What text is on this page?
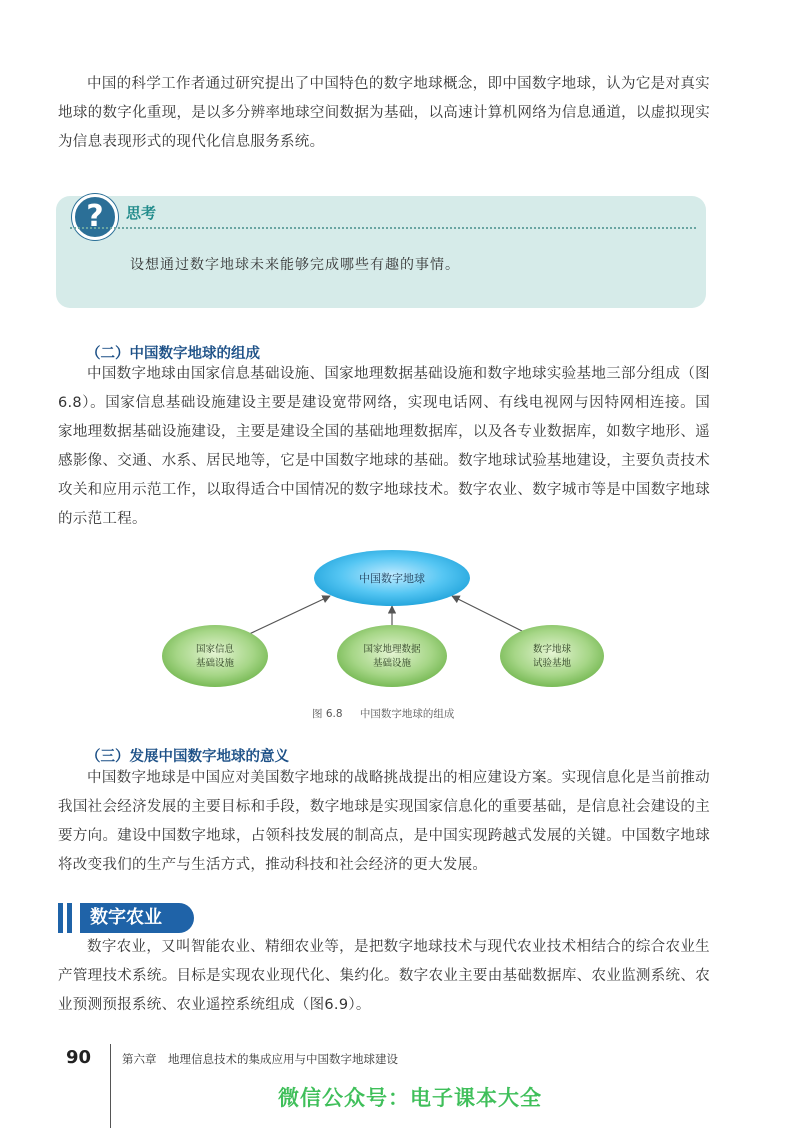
中国的科学工作者通过研究提出了中国特色的数字地球概念，即中国数字地球，认为它是对真实地球的数字化重现，是以多分辨率地球空间数据为基础，以高速计算机网络为信息通道，以虚拟现实为信息表现形式的现代化信息服务系统。
?	思考
设想通过数字地球未来能够完成哪些有趣的事情。
（二）中国数字地球的组成
中国数字地球由国家信息基础设施、国家地理数据基础设施和数字地球实验基地三部分组成（图6.8）。国家信息基础设施建设主要是建设宽带网络，实现电话网、有线电视网与因特网相连接。国家地理数据基础设施建设，主要是建设全国的基础地理数据库，以及各专业数据库，如数字地形、遥感影像、交通、水系、居民地等，它是中国数字地球的基础。数字地球试验基地建设，主要负责技术攻关和应用示范工作，以取得适合中国情况的数字地球技术。数字农业、数字城市等是中国数字地球的示范工程。
中国数字地球
国家信息
基础设施
国家地理数据
基础设施
数字地球
试验基地
图 6.8 中国数字地球的组成
（三）发展中国数字地球的意义
中国数字地球是中国应对美国数字地球的战略挑战提出的相应建设方案。实现信息化是当前推动我国社会经济发展的主要目标和手段，数字地球是实现国家信息化的重要基础，是信息社会建设的主要方向。建设中国数字地球，占领科技发展的制高点，是中国实现跨越式发展的关键。中国数字地球将改变我们的生产与生活方式，推动科技和社会经济的更大发展。
数字农业
数字农业，又叫智能农业、精细农业等，是把数字地球技术与现代农业技术相结合的综合农业生产管理技术系统。目标是实现农业现代化、集约化。数字农业主要由基础数据库、农业监测系统、农业预测预报系统、农业遥控系统组成（图6.9）。
90	第六章　地理信息技术的集成应用与中国数字地球建设
微信公众号：电子课本大全
